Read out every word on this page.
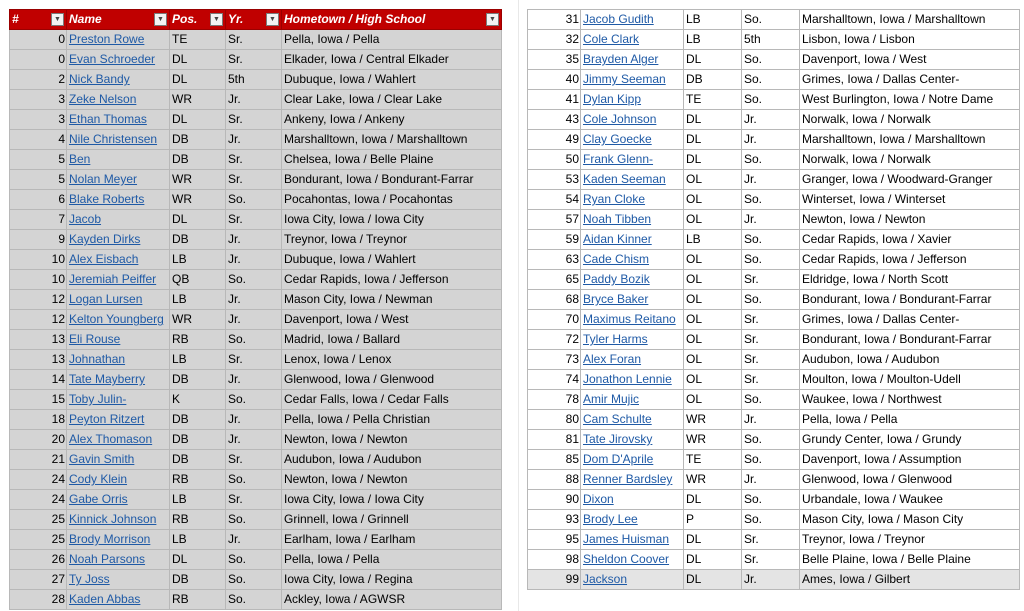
# ▼	Name ▼	Pos. ▼	Yr. ▼	Hometown / High School ▼

0	Preston Rowe	TE	Sr.	Pella, Iowa / Pella
0	Evan Schroeder	DL	Sr.	Elkader, Iowa / Central Elkader
2	Nick Bandy	DL	5th	Dubuque, Iowa / Wahlert
3	Zeke Nelson	WR	Jr.	Clear Lake, Iowa / Clear Lake
3	Ethan Thomas	DL	Sr.	Ankeny, Iowa / Ankeny
4	Nile Christensen	DB	Jr.	Marshalltown, Iowa / Marshalltown
5	Ben	DB	Sr.	Chelsea, Iowa / Belle Plaine
5	Nolan Meyer	WR	Sr.	Bondurant, Iowa / Bondurant-Farrar
6	Blake Roberts	WR	So.	Pocahontas, Iowa / Pocahontas
7	Jacob	DL	Sr.	Iowa City, Iowa / Iowa City
9	Kayden Dirks	DB	Jr.	Treynor, Iowa / Treynor
10	Alex Eisbach	LB	Jr.	Dubuque, Iowa / Wahlert
10	Jeremiah Peiffer	QB	So.	Cedar Rapids, Iowa / Jefferson
12	Logan Lursen	LB	Jr.	Mason City, Iowa / Newman
12	Kelton Youngberg	WR	Jr.	Davenport, Iowa / West
13	Eli Rouse	RB	So.	Madrid, Iowa / Ballard
13	Johnathan	LB	Sr.	Lenox, Iowa / Lenox
14	Tate Mayberry	DB	Jr.	Glenwood, Iowa / Glenwood
15	Toby Julin-	K	So.	Cedar Falls, Iowa / Cedar Falls
18	Peyton Ritzert	DB	Jr.	Pella, Iowa / Pella Christian
20	Alex Thomason	DB	Jr.	Newton, Iowa / Newton
21	Gavin Smith	DB	Sr.	Audubon, Iowa / Audubon
24	Cody Klein	RB	So.	Newton, Iowa / Newton
24	Gabe Orris	LB	Sr.	Iowa City, Iowa / Iowa City
25	Kinnick Johnson	RB	So.	Grinnell, Iowa / Grinnell
25	Brody Morrison	LB	Jr.	Earlham, Iowa / Earlham
26	Noah Parsons	DL	So.	Pella, Iowa / Pella
27	Ty Joss	DB	So.	Iowa City, Iowa / Regina
28	Kaden Abbas	RB	So.	Ackley, Iowa / AGWSR
31	Jacob Gudith	LB	So.	Marshalltown, Iowa / Marshalltown
32	Cole Clark	LB	5th	Lisbon, Iowa / Lisbon
35	Brayden Alger	DL	So.	Davenport, Iowa / West
40	Jimmy Seeman	DB	So.	Grimes, Iowa / Dallas Center-
41	Dylan Kipp	TE	So.	West Burlington, Iowa / Notre Dame
43	Cole Johnson	DL	Jr.	Norwalk, Iowa / Norwalk
49	Clay Goecke	DL	Jr.	Marshalltown, Iowa / Marshalltown
50	Frank Glenn-	DL	So.	Norwalk, Iowa / Norwalk
53	Kaden Seeman	OL	Jr.	Granger, Iowa / Woodward-Granger
54	Ryan Cloke	OL	So.	Winterset, Iowa / Winterset
57	Noah Tibben	OL	Jr.	Newton, Iowa / Newton
59	Aidan Kinner	LB	So.	Cedar Rapids, Iowa / Xavier
63	Cade Chism	OL	So.	Cedar Rapids, Iowa / Jefferson
65	Paddy Bozik	OL	Sr.	Eldridge, Iowa / North Scott
68	Bryce Baker	OL	So.	Bondurant, Iowa / Bondurant-Farrar
70	Maximus Reitano	OL	Sr.	Grimes, Iowa / Dallas Center-
72	Tyler Harms	OL	Sr.	Bondurant, Iowa / Bondurant-Farrar
73	Alex Foran	OL	Sr.	Audubon, Iowa / Audubon
74	Jonathon Lennie	OL	Sr.	Moulton, Iowa / Moulton-Udell
78	Amir Mujic	OL	So.	Waukee, Iowa / Northwest
80	Cam Schulte	WR	Jr.	Pella, Iowa / Pella
81	Tate Jirovsky	WR	So.	Grundy Center, Iowa / Grundy
85	Dom D'Aprile	TE	So.	Davenport, Iowa / Assumption
88	Renner Bardsley	WR	Jr.	Glenwood, Iowa / Glenwood
90	Dixon	DL	So.	Urbandale, Iowa / Waukee
93	Brody Lee	P	So.	Mason City, Iowa / Mason City
95	James Huisman	DL	Sr.	Treynor, Iowa / Treynor
98	Sheldon Coover	DL	Sr.	Belle Plaine, Iowa / Belle Plaine
99	Jackson	DL	Jr.	Ames, Iowa / Gilbert
